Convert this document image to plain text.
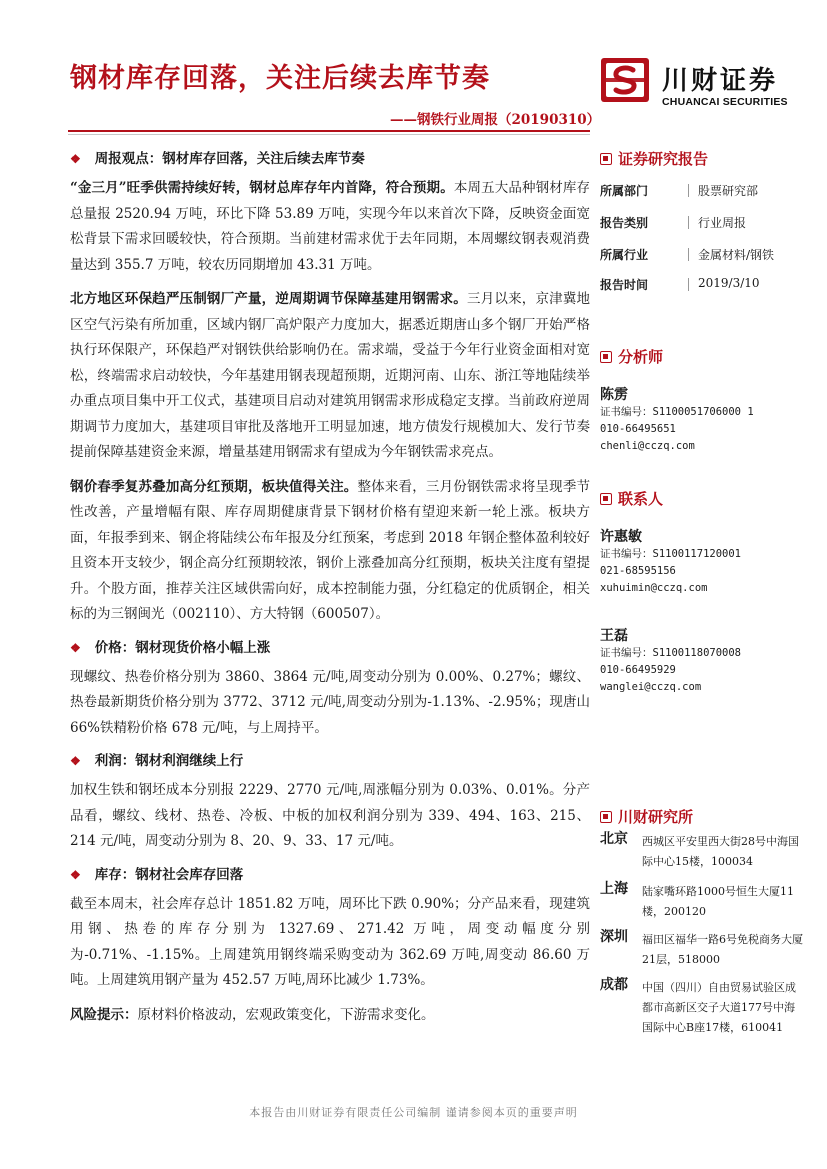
钢材库存回落，关注后续去库节奏
——钢铁行业周报（20190310）
川财证券
CHUANCAI SECURITIES
❖ 周报观点：钢材库存回落，关注后续去库节奏

“金三月”旺季供需持续好转，钢材总库存年内首降，符合预期。本周五大品种钢材库存总量报 2520.94 万吨，环比下降 53.89 万吨，实现今年以来首次下降，反映资金面宽松背景下需求回暖较快，符合预期。当前建材需求优于去年同期，本周螺纹钢表观消费量达到 355.7 万吨，较农历同期增加 43.31 万吨。

北方地区环保趋严压制钢厂产量，逆周期调节保障基建用钢需求。三月以来，京津冀地区空气污染有所加重，区域内钢厂高炉限产力度加大，据悉近期唐山多个钢厂开始严格执行环保限产，环保趋严对钢铁供给影响仍在。需求端，受益于今年行业资金面相对宽松，终端需求启动较快，今年基建用钢表现超预期，近期河南、山东、浙江等地陆续举办重点项目集中开工仪式，基建项目启动对建筑用钢需求形成稳定支撑。当前政府逆周期调节力度加大，基建项目审批及落地开工明显加速，地方债发行规模加大、发行节奏提前保障基建资金来源，增量基建用钢需求有望成为今年钢铁需求亮点。

钢价春季复苏叠加高分红预期，板块值得关注。整体来看，三月份钢铁需求将呈现季节性改善，产量增幅有限、库存周期健康背景下钢材价格有望迎来新一轮上涨。板块方面，年报季到来、钢企将陆续公布年报及分红预案，考虑到 2018 年钢企整体盈利较好且资本开支较少，钢企高分红预期较浓，钢价上涨叠加高分红预期，板块关注度有望提升。个股方面，推荐关注区域供需向好，成本控制能力强，分红稳定的优质钢企，相关标的为三钢闽光（002110）、方大特钢（600507）。

❖ 价格：钢材现货价格小幅上涨

现螺纹、热卷价格分别为 3860、3864 元/吨,周变动分别为 0.00%、0.27%；螺纹、热卷最新期货价格分别为 3772、3712 元/吨,周变动分别为-1.13%、-2.95%；现唐山 66%铁精粉价格 678 元/吨，与上周持平。

❖ 利润：钢材利润继续上行

加权生铁和钢坯成本分别报 2229、2770 元/吨,周涨幅分别为 0.03%、0.01%。分产品看，螺纹、线材、热卷、冷板、中板的加权利润分别为 339、494、163、215、214 元/吨，周变动分别为 8、20、9、33、17 元/吨。

❖ 库存：钢材社会库存回落

截至本周末，社会库存总计 1851.82 万吨，周环比下跌 0.90%；分产品来看，现建筑用钢、热卷的库存分别为 1327.69、271.42 万吨，周变动幅度分别为-0.71%、-1.15%。上周建筑用钢终端采购变动为 362.69 万吨,周变动 86.60 万吨。上周建筑用钢产量为 452.57 万吨,周环比减少 1.73%。

风险提示：原材料价格波动，宏观政策变化，下游需求变化。

证券研究报告
所属部门	股票研究部
报告类别	行业周报
所属行业	金属材料/钢铁
报告时间	2019/3/10
分析师
陈雳
证书编号：S1100051706000 1
010-66495651
chenli@cczq.com
联系人
许惠敏
证书编号：S1100117120001
021-68595156
xuhuimin@cczq.com
王磊
证书编号：S1100118070008
010-66495929
wanglei@cczq.com
川财研究所
北京 西城区平安里西大街28号中海国际中心15楼，100034
上海 陆家嘴环路1000号恒生大厦11楼，200120
深圳 福田区福华一路6号免税商务大厦21层，518000
成都 中国（四川）自由贸易试验区成都市高新区交子大道177号中海国际中心B座17楼，610041
本报告由川财证券有限责任公司编制 谨请参阅本页的重要声明
